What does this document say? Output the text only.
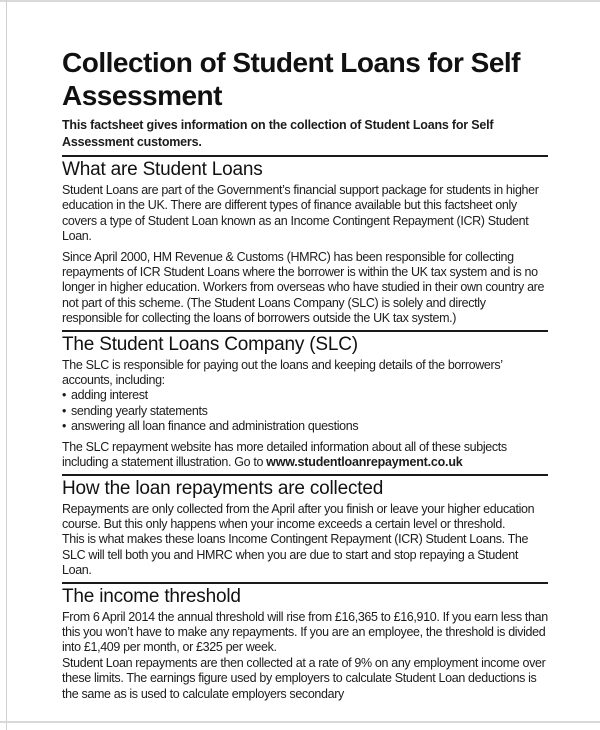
Collection of Student Loans for Self Assessment

This factsheet gives information on the collection of Student Loans for Self Assessment customers.

What are Student Loans

Student Loans are part of the Government’s financial support package for students in higher education in the UK. There are different types of finance available but this factsheet only covers a type of Student Loan known as an Income Contingent Repayment (ICR) Student Loan.

Since April 2000, HM Revenue & Customs (HMRC) has been responsible for collecting repayments of ICR Student Loans where the borrower is within the UK tax system and is no longer in higher education. Workers from overseas who have studied in their own country are not part of this scheme. (The Student Loans Company (SLC) is solely and directly responsible for collecting the loans of borrowers outside the UK tax system.)

The Student Loans Company (SLC)

The SLC is responsible for paying out the loans and keeping details of the borrowers’ accounts, including:

• adding interest
• sending yearly statements
• answering all loan finance and administration questions

The SLC repayment website has more detailed information about all of these subjects including a statement illustration. Go to www.studentloanrepayment.co.uk

How the loan repayments are collected

Repayments are only collected from the April after you finish or leave your higher education course. But this only happens when your income exceeds a certain level or threshold.

This is what makes these loans Income Contingent Repayment (ICR) Student Loans. The SLC will tell both you and HMRC when you are due to start and stop repaying a Student Loan.

The income threshold

From 6 April 2014 the annual threshold will rise from £16,365 to £16,910. If you earn less than this you won’t have to make any repayments. If you are an employee, the threshold is divided into £1,409 per month, or £325 per week.

Student Loan repayments are then collected at a rate of 9% on any employment income over these limits. The earnings figure used by employers to calculate Student Loan deductions is the same as is used to calculate employers secondary
